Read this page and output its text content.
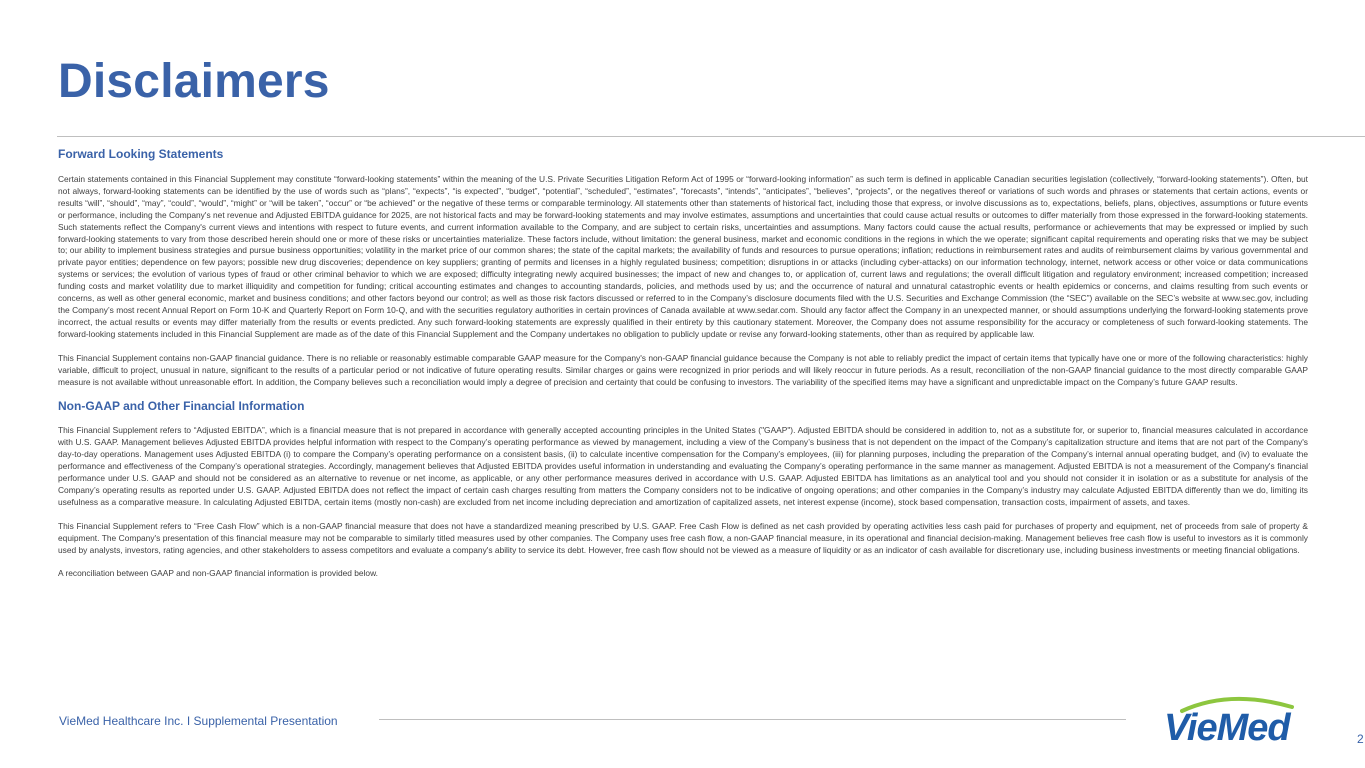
Disclaimers
Forward Looking Statements

Certain statements contained in this Financial Supplement may constitute “forward-looking statements” within the meaning of the U.S. Private Securities Litigation Reform Act of 1995 or “forward-looking information” as such term is defined in applicable Canadian securities legislation (collectively, “forward-looking statements”). Often, but not always, forward-looking statements can be identified by the use of words such as “plans”, “expects”, “is expected”, “budget”, “potential”, “scheduled”, “estimates”, “forecasts”, “intends”, “anticipates”, “believes”, “projects”, or the negatives thereof or variations of such words and phrases or statements that certain actions, events or results “will”, “should”, “may”, “could”, “would”, “might” or “will be taken”, “occur” or “be achieved” or the negative of these terms or comparable terminology. All statements other than statements of historical fact, including those that express, or involve discussions as to, expectations, beliefs, plans, objectives, assumptions or future events or performance, including the Company's net revenue and Adjusted EBITDA guidance for 2025, are not historical facts and may be forward-looking statements and may involve estimates, assumptions and uncertainties that could cause actual results or outcomes to differ materially from those expressed in the forward-looking statements. Such statements reflect the Company's current views and intentions with respect to future events, and current information available to the Company, and are subject to certain risks, uncertainties and assumptions. Many factors could cause the actual results, performance or achievements that may be expressed or implied by such forward-looking statements to vary from those described herein should one or more of these risks or uncertainties materialize. These factors include, without limitation: the general business, market and economic conditions in the regions in which the we operate; significant capital requirements and operating risks that we may be subject to; our ability to implement business strategies and pursue business opportunities; volatility in the market price of our common shares; the state of the capital markets; the availability of funds and resources to pursue operations; inflation; reductions in reimbursement rates and audits of reimbursement claims by various governmental and private payor entities; dependence on few payors; possible new drug discoveries; dependence on key suppliers; granting of permits and licenses in a highly regulated business; competition; disruptions in or attacks (including cyber-attacks) on our information technology, internet, network access or other voice or data communications systems or services; the evolution of various types of fraud or other criminal behavior to which we are exposed; difficulty integrating newly acquired businesses; the impact of new and changes to, or application of, current laws and regulations; the overall difficult litigation and regulatory environment; increased competition; increased funding costs and market volatility due to market illiquidity and competition for funding; critical accounting estimates and changes to accounting standards, policies, and methods used by us; and the occurrence of natural and unnatural catastrophic events or health epidemics or concerns, and claims resulting from such events or concerns, as well as other general economic, market and business conditions; and other factors beyond our control; as well as those risk factors discussed or referred to in the Company’s disclosure documents filed with the U.S. Securities and Exchange Commission (the “SEC”) available on the SEC’s website at www.sec.gov, including the Company’s most recent Annual Report on Form 10-K and Quarterly Report on Form 10-Q, and with the securities regulatory authorities in certain provinces of Canada available at www.sedar.com. Should any factor affect the Company in an unexpected manner, or should assumptions underlying the forward-looking statements prove incorrect, the actual results or events may differ materially from the results or events predicted. Any such forward-looking statements are expressly qualified in their entirety by this cautionary statement. Moreover, the Company does not assume responsibility for the accuracy or completeness of such forward-looking statements. The forward-looking statements included in this Financial Supplement are made as of the date of this Financial Supplement and the Company undertakes no obligation to publicly update or revise any forward-looking statements, other than as required by applicable law.

This Financial Supplement contains non-GAAP financial guidance. There is no reliable or reasonably estimable comparable GAAP measure for the Company's non-GAAP financial guidance because the Company is not able to reliably predict the impact of certain items that typically have one or more of the following characteristics: highly variable, difficult to project, unusual in nature, significant to the results of a particular period or not indicative of future operating results. Similar charges or gains were recognized in prior periods and will likely reoccur in future periods. As a result, reconciliation of the non-GAAP financial guidance to the most directly comparable GAAP measure is not available without unreasonable effort. In addition, the Company believes such a reconciliation would imply a degree of precision and certainty that could be confusing to investors. The variability of the specified items may have a significant and unpredictable impact on the Company’s future GAAP results.

Non-GAAP and Other Financial Information

This Financial Supplement refers to “Adjusted EBITDA”, which is a financial measure that is not prepared in accordance with generally accepted accounting principles in the United States ("GAAP"). Adjusted EBITDA should be considered in addition to, not as a substitute for, or superior to, financial measures calculated in accordance with U.S. GAAP. Management believes Adjusted EBITDA provides helpful information with respect to the Company’s operating performance as viewed by management, including a view of the Company’s business that is not dependent on the impact of the Company’s capitalization structure and items that are not part of the Company's day-to-day operations. Management uses Adjusted EBITDA (i) to compare the Company’s operating performance on a consistent basis, (ii) to calculate incentive compensation for the Company’s employees, (iii) for planning purposes, including the preparation of the Company’s internal annual operating budget, and (iv) to evaluate the performance and effectiveness of the Company’s operational strategies. Accordingly, management believes that Adjusted EBITDA provides useful information in understanding and evaluating the Company’s operating performance in the same manner as management. Adjusted EBITDA is not a measurement of the Company's financial performance under U.S. GAAP and should not be considered as an alternative to revenue or net income, as applicable, or any other performance measures derived in accordance with U.S. GAAP. Adjusted EBITDA has limitations as an analytical tool and you should not consider it in isolation or as a substitute for analysis of the Company’s operating results as reported under U.S. GAAP. Adjusted EBITDA does not reflect the impact of certain cash charges resulting from matters the Company considers not to be indicative of ongoing operations; and other companies in the Company’s industry may calculate Adjusted EBITDA differently than we do, limiting its usefulness as a comparative measure. In calculating Adjusted EBITDA, certain items (mostly non-cash) are excluded from net income including depreciation and amortization of capitalized assets, net interest expense (income), stock based compensation, transaction costs, impairment of assets, and taxes.

This Financial Supplement refers to “Free Cash Flow” which is a non-GAAP financial measure that does not have a standardized meaning prescribed by U.S. GAAP. Free Cash Flow is defined as net cash provided by operating activities less cash paid for purchases of property and equipment, net of proceeds from sale of property & equipment. The Company's presentation of this financial measure may not be comparable to similarly titled measures used by other companies. The Company uses free cash flow, a non-GAAP financial measure, in its operational and financial decision-making. Management believes free cash flow is useful to investors as it is commonly used by analysts, investors, rating agencies, and other stakeholders to assess competitors and evaluate a company's ability to service its debt. However, free cash flow should not be viewed as a measure of liquidity or as an indicator of cash available for discretionary use, including business investments or meeting financial obligations.

A reconciliation between GAAP and non-GAAP financial information is provided below.

VieMed Healthcare Inc. I Supplemental Presentation	VieMed	2
